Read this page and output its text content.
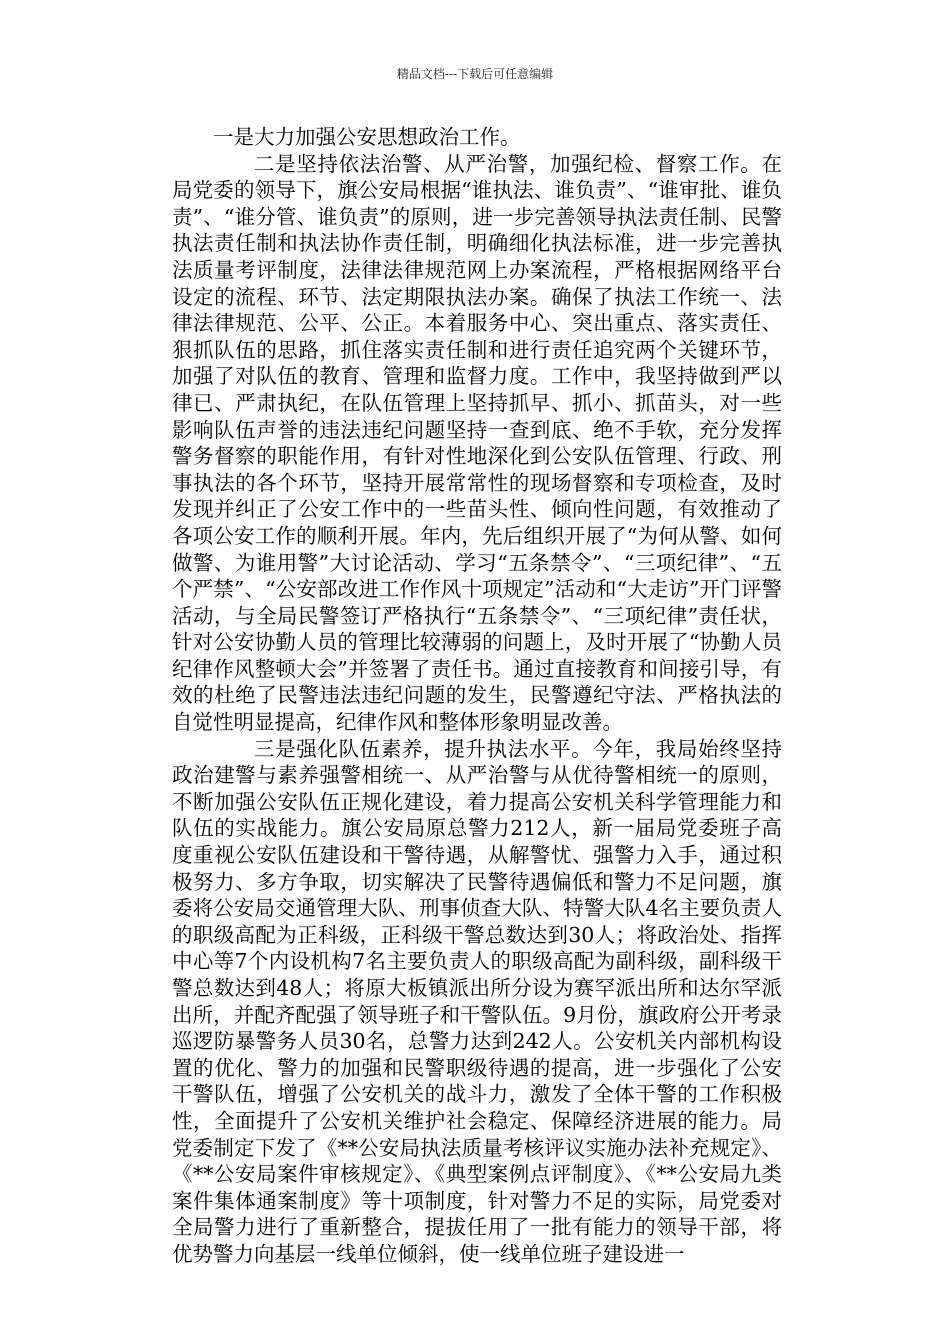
精品文档---下载后可任意编辑

一是大力加强公安思想政治工作。

二是坚持依法治警、从严治警，加强纪检、督察工作。在局党委的领导下，旗公安局根据“谁执法、谁负责”、“谁审批、谁负责”、“谁分管、谁负责”的原则，进一步完善领导执法责任制、民警执法责任制和执法协作责任制，明确细化执法标准，进一步完善执法质量考评制度，法律法律规范网上办案流程，严格根据网络平台设定的流程、环节、法定期限执法办案。确保了执法工作统一、法律法律规范、公平、公正。本着服务中心、突出重点、落实责任、狠抓队伍的思路，抓住落实责任制和进行责任追究两个关键环节，加强了对队伍的教育、管理和监督力度。工作中，我坚持做到严以律已、严肃执纪，在队伍管理上坚持抓早、抓小、抓苗头，对一些影响队伍声誉的违法违纪问题坚持一查到底、绝不手软，充分发挥警务督察的职能作用，有针对性地深化到公安队伍管理、行政、刑事执法的各个环节，坚持开展常常性的现场督察和专项检查，及时发现并纠正了公安工作中的一些苗头性、倾向性问题，有效推动了各项公安工作的顺利开展。年内，先后组织开展了“为何从警、如何做警、为谁用警”大讨论活动、学习“五条禁令”、“三项纪律”、“五个严禁”、“公安部改进工作作风十项规定”活动和“大走访”开门评警活动，与全局民警签订严格执行“五条禁令”、“三项纪律”责任状，针对公安协勤人员的管理比较薄弱的问题上，及时开展了“协勤人员纪律作风整顿大会”并签署了责任书。通过直接教育和间接引导，有效的杜绝了民警违法违纪问题的发生，民警遵纪守法、严格执法的自觉性明显提高，纪律作风和整体形象明显改善。

三是强化队伍素养，提升执法水平。今年，我局始终坚持政治建警与素养强警相统一、从严治警与从优待警相统一的原则，不断加强公安队伍正规化建设，着力提高公安机关科学管理能力和队伍的实战能力。旗公安局原总警力212人，新一届局党委班子高度重视公安队伍建设和干警待遇，从解警忧、强警力入手，通过积极努力、多方争取，切实解决了民警待遇偏低和警力不足问题，旗委将公安局交通管理大队、刑事侦查大队、特警大队4名主要负责人的职级高配为正科级，正科级干警总数达到30人；将政治处、指挥中心等7个内设机构7名主要负责人的职级高配为副科级，副科级干警总数达到48人；将原大板镇派出所分设为赛罕派出所和达尔罕派出所，并配齐配强了领导班子和干警队伍。9月份，旗政府公开考录巡逻防暴警务人员30名，总警力达到242人。公安机关内部机构设置的优化、警力的加强和民警职级待遇的提高，进一步强化了公安干警队伍，增强了公安机关的战斗力，激发了全体干警的工作积极性，全面提升了公安机关维护社会稳定、保障经济进展的能力。局党委制定下发了《**公安局执法质量考核评议实施办法补充规定》、《**公安局案件审核规定》、《典型案例点评制度》、《**公安局九类案件集体通案制度》等十项制度，针对警力不足的实际，局党委对全局警力进行了重新整合，提拔任用了一批有能力的领导干部，将优势警力向基层一线单位倾斜，使一线单位班子建设进一
